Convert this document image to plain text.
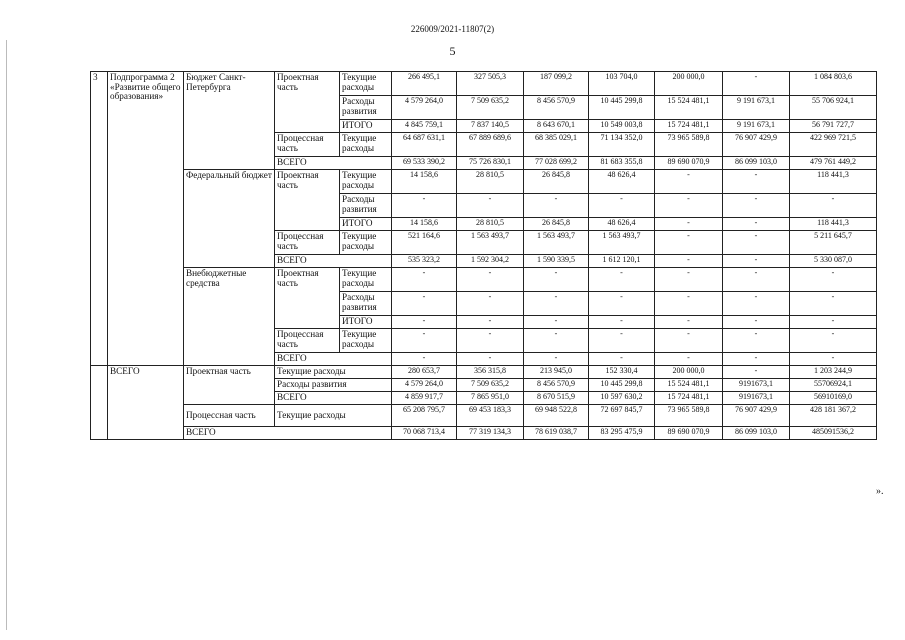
226009/2021-11807(2)
5
3	Подпрограмма 2 «Развитие общего образования»	Бюджет Санкт-Петербурга	Проектная часть	Текущие расходы	266 495,1	327 505,3	187 099,2	103 704,0	200 000,0	-	1 084 803,6
				Расходы развития	4 579 264,0	7 509 635,2	8 456 570,9	10 445 299,8	15 524 481,1	9 191 673,1	55 706 924,1
				ИТОГО	4 845 759,1	7 837 140,5	8 643 670,1	10 549 003,8	15 724 481,1	9 191 673,1	56 791 727,7
			Процессная часть	Текущие расходы	64 687 631,1	67 889 689,6	68 385 029,1	71 134 352,0	73 965 589,8	76 907 429,9	422 969 721,5
			ВСЕГО		69 533 390,2	75 726 830,1	77 028 699,2	81 683 355,8	89 690 070,9	86 099 103,0	479 761 449,2
		Федеральный бюджет	Проектная часть	Текущие расходы	14 158,6	28 810,5	26 845,8	48 626,4	-	-	118 441,3
				Расходы развития	-	-	-	-	-	-	-
				ИТОГО	14 158,6	28 810,5	26 845,8	48 626,4	-	-	118 441,3
			Процессная часть	Текущие расходы	521 164,6	1 563 493,7	1 563 493,7	1 563 493,7	-	-	5 211 645,7
			ВСЕГО		535 323,2	1 592 304,2	1 590 339,5	1 612 120,1	-	-	5 330 087,0
		Внебюджетные средства	Проектная часть	Текущие расходы	-	-	-	-	-	-	-
				Расходы развития	-	-	-	-	-	-	-
				ИТОГО	-	-	-	-	-	-	-
			Процессная часть	Текущие расходы	-	-	-	-	-	-	-
			ВСЕГО		-	-	-	-	-	-	-
	ВСЕГО	Проектная часть	Текущие расходы		280 653,7	356 315,8	213 945,0	152 330,4	200 000,0	-	1 203 244,9
			Расходы развития		4 579 264,0	7 509 635,2	8 456 570,9	10 445 299,8	15 524 481,1	9191673,1	55706924,1
			ВСЕГО		4 859 917,7	7 865 951,0	8 670 515,9	10 597 630,2	15 724 481,1	9191673,1	56910169,0
		Процессная часть	Текущие расходы		65 208 795,7	69 453 183,3	69 948 522,8	72 697 845,7	73 965 589,8	76 907 429,9	428 181 367,2
		ВСЕГО			70 068 713,4	77 319 134,3	78 619 038,7	83 295 475,9	89 690 070,9	86 099 103,0	485091536,2
».
